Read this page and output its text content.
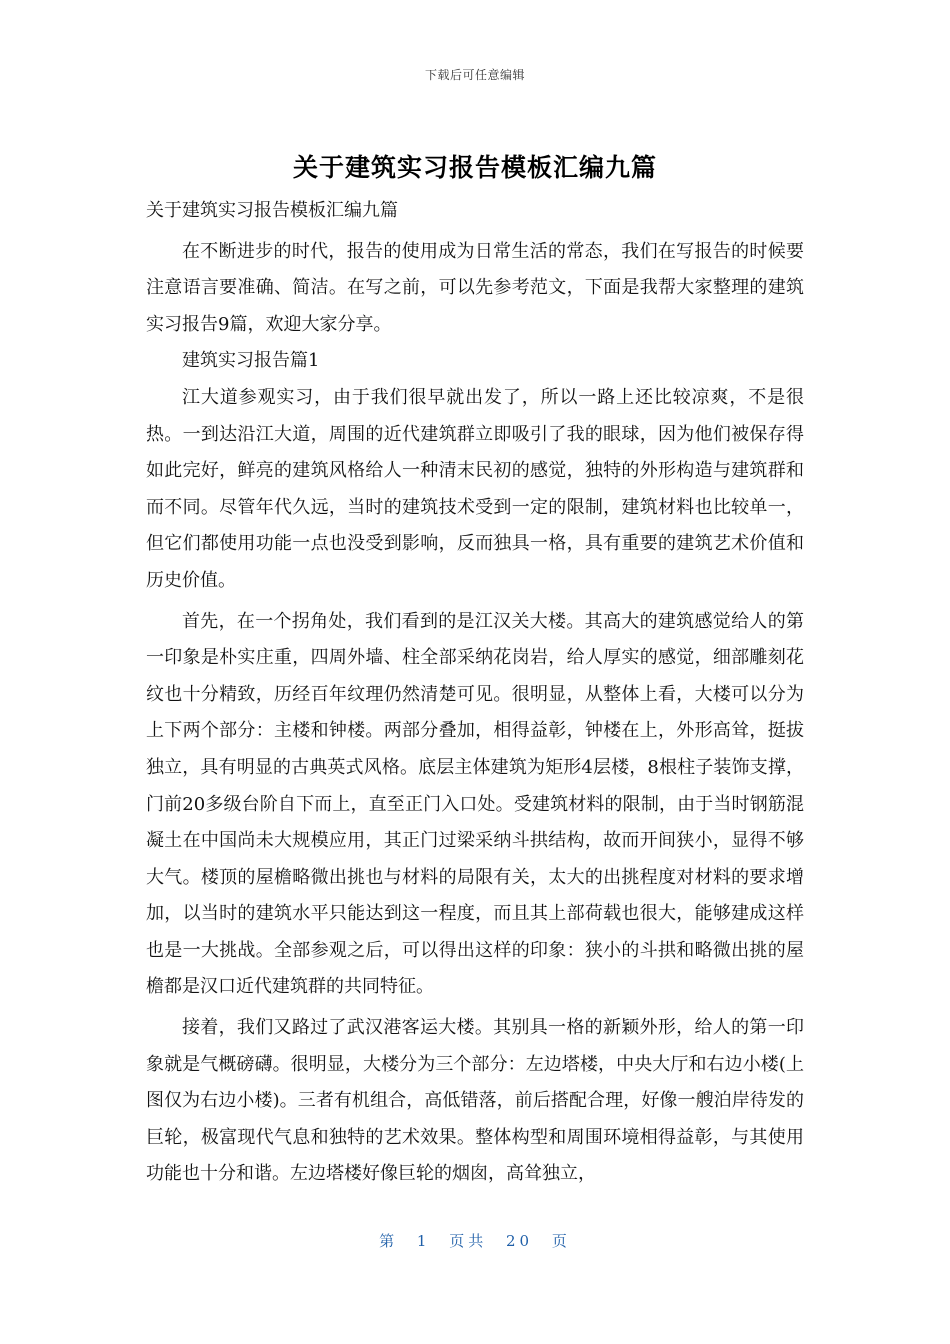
下载后可任意编辑
关于建筑实习报告模板汇编九篇

关于建筑实习报告模板汇编九篇

在不断进步的时代，报告的使用成为日常生活的常态，我们在写报告的时候要注意语言要准确、简洁。在写之前，可以先参考范文，下面是我帮大家整理的建筑实习报告9篇，欢迎大家分享。

建筑实习报告篇1

江大道参观实习，由于我们很早就出发了，所以一路上还比较凉爽，不是很热。一到达沿江大道，周围的近代建筑群立即吸引了我的眼球，因为他们被保存得如此完好，鲜亮的建筑风格给人一种清末民初的感觉，独特的外形构造与建筑群和而不同。尽管年代久远，当时的建筑技术受到一定的限制，建筑材料也比较单一，但它们都使用功能一点也没受到影响，反而独具一格，具有重要的建筑艺术价值和历史价值。

首先，在一个拐角处，我们看到的是江汉关大楼。其高大的建筑感觉给人的第一印象是朴实庄重，四周外墙、柱全部采纳花岗岩，给人厚实的感觉，细部雕刻花纹也十分精致，历经百年纹理仍然清楚可见。很明显，从整体上看，大楼可以分为上下两个部分：主楼和钟楼。两部分叠加，相得益彰，钟楼在上，外形高耸，挺拔独立，具有明显的古典英式风格。底层主体建筑为矩形4层楼，8根柱子装饰支撑，门前20多级台阶自下而上，直至正门入口处。受建筑材料的限制，由于当时钢筋混凝土在中国尚未大规模应用，其正门过梁采纳斗拱结构，故而开间狭小，显得不够大气。楼顶的屋檐略微出挑也与材料的局限有关，太大的出挑程度对材料的要求增加，以当时的建筑水平只能达到这一程度，而且其上部荷载也很大，能够建成这样也是一大挑战。全部参观之后，可以得出这样的印象：狭小的斗拱和略微出挑的屋檐都是汉口近代建筑群的共同特征。

接着，我们又路过了武汉港客运大楼。其别具一格的新颖外形，给人的第一印象就是气概磅礴。很明显，大楼分为三个部分：左边塔楼，中央大厅和右边小楼(上图仅为右边小楼)。三者有机组合，高低错落，前后搭配合理，好像一艘泊岸待发的巨轮，极富现代气息和独特的艺术效果。整体构型和周围环境相得益彰，与其使用功能也十分和谐。左边塔楼好像巨轮的烟囱，高耸独立，

第 1 页共 20 页
